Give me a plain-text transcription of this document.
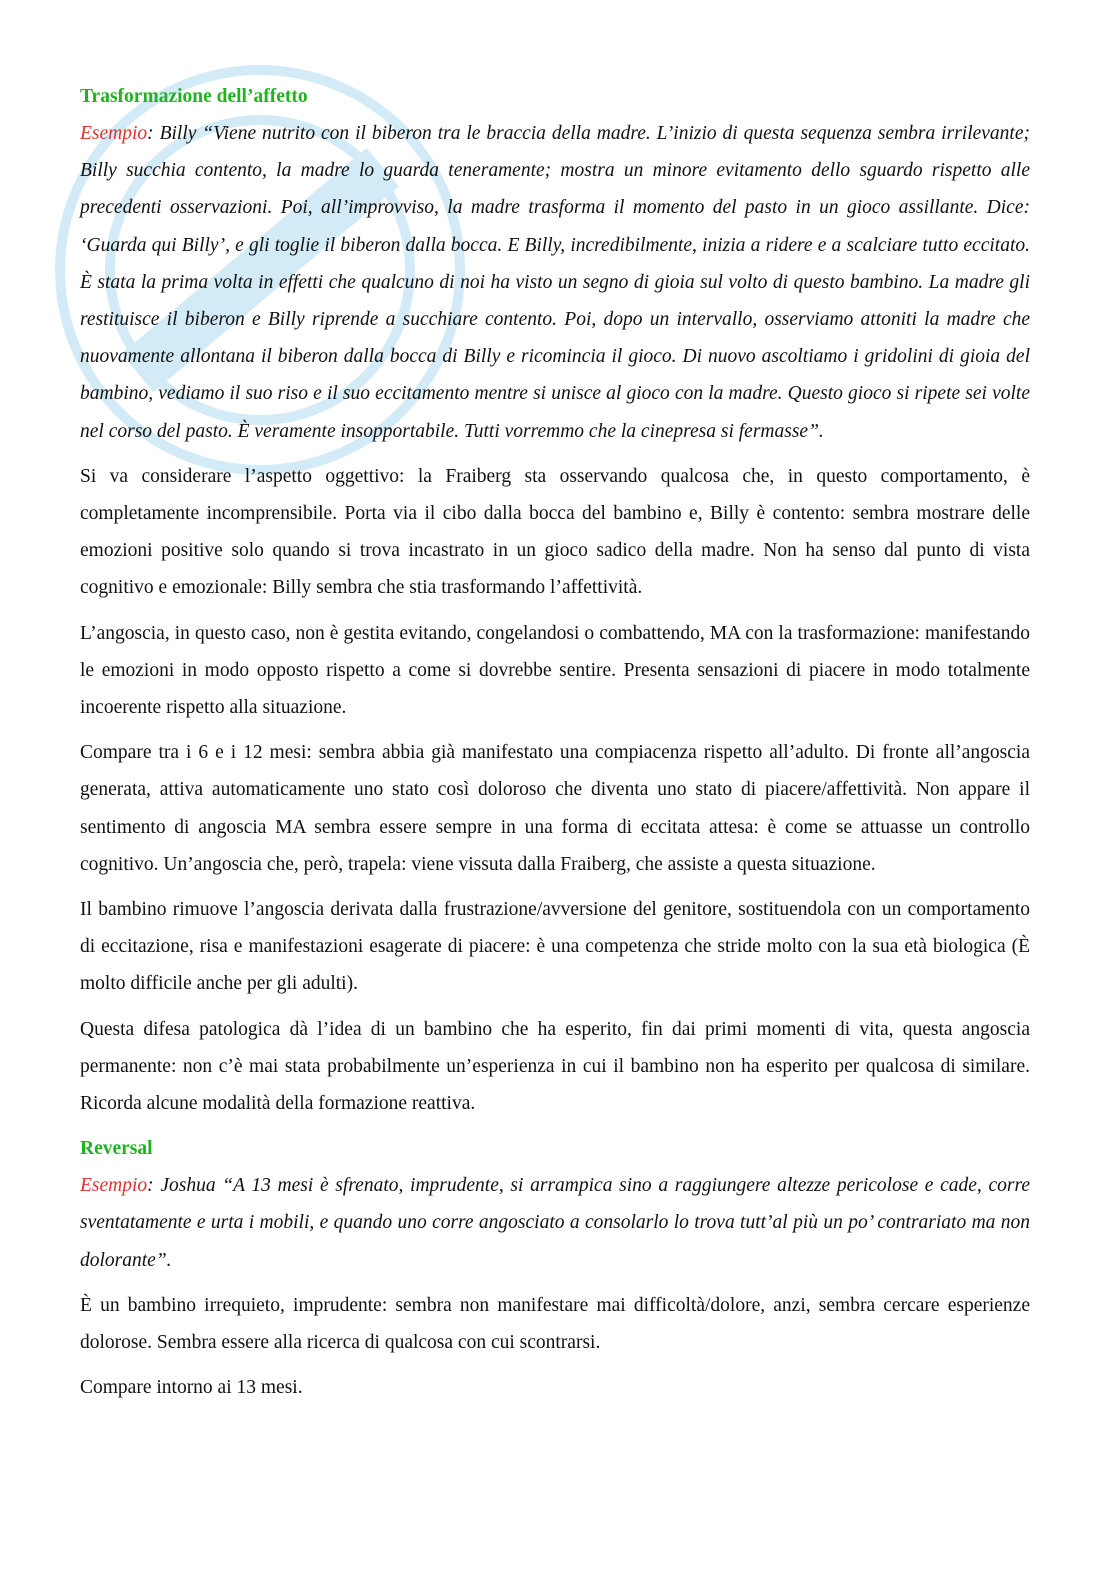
Trasformazione dell’affetto

Esempio: Billy “Viene nutrito con il biberon tra le braccia della madre. L’inizio di questa sequenza sembra irrilevante; Billy succhia contento, la madre lo guarda teneramente; mostra un minore evitamento dello sguardo rispetto alle precedenti osservazioni. Poi, all’improvviso, la madre trasforma il momento del pasto in un gioco assillante. Dice: ‘Guarda qui Billy’, e gli toglie il biberon dalla bocca. E Billy, incredibilmente, inizia a ridere e a scalciare tutto eccitato. È stata la prima volta in effetti che qualcuno di noi ha visto un segno di gioia sul volto di questo bambino. La madre gli restituisce il biberon e Billy riprende a succhiare contento. Poi, dopo un intervallo, osserviamo attoniti la madre che nuovamente allontana il biberon dalla bocca di Billy e ricomincia il gioco. Di nuovo ascoltiamo i gridolini di gioia del bambino, vediamo il suo riso e il suo eccitamento mentre si unisce al gioco con la madre. Questo gioco si ripete sei volte nel corso del pasto. È veramente insopportabile. Tutti vorremmo che la cinepresa si fermasse”.

Si va considerare l’aspetto oggettivo: la Fraiberg sta osservando qualcosa che, in questo comportamento, è completamente incomprensibile. Porta via il cibo dalla bocca del bambino e, Billy è contento: sembra mostrare delle emozioni positive solo quando si trova incastrato in un gioco sadico della madre. Non ha senso dal punto di vista cognitivo e emozionale: Billy sembra che stia trasformando l’affettività.

L’angoscia, in questo caso, non è gestita evitando, congelandosi o combattendo, MA con la trasformazione: manifestando le emozioni in modo opposto rispetto a come si dovrebbe sentire. Presenta sensazioni di piacere in modo totalmente incoerente rispetto alla situazione.

Compare tra i 6 e i 12 mesi: sembra abbia già manifestato una compiacenza rispetto all’adulto. Di fronte all’angoscia generata, attiva automaticamente uno stato così doloroso che diventa uno stato di piacere/affettività. Non appare il sentimento di angoscia MA sembra essere sempre in una forma di eccitata attesa: è come se attuasse un controllo cognitivo. Un’angoscia che, però, trapela: viene vissuta dalla Fraiberg, che assiste a questa situazione.

Il bambino rimuove l’angoscia derivata dalla frustrazione/avversione del genitore, sostituendola con un comportamento di eccitazione, risa e manifestazioni esagerate di piacere: è una competenza che stride molto con la sua età biologica (È molto difficile anche per gli adulti).

Questa difesa patologica dà l’idea di un bambino che ha esperito, fin dai primi momenti di vita, questa angoscia permanente: non c’è mai stata probabilmente un’esperienza in cui il bambino non ha esperito per qualcosa di similare. Ricorda alcune modalità della formazione reattiva.

Reversal

Esempio: Joshua “A 13 mesi è sfrenato, imprudente, si arrampica sino a raggiungere altezze pericolose e cade, corre sventatamente e urta i mobili, e quando uno corre angosciato a consolarlo lo trova tutt’al più un po’ contrariato ma non dolorante”.

È un bambino irrequieto, imprudente: sembra non manifestare mai difficoltà/dolore, anzi, sembra cercare esperienze dolorose. Sembra essere alla ricerca di qualcosa con cui scontrarsi.

Compare intorno ai 13 mesi.
